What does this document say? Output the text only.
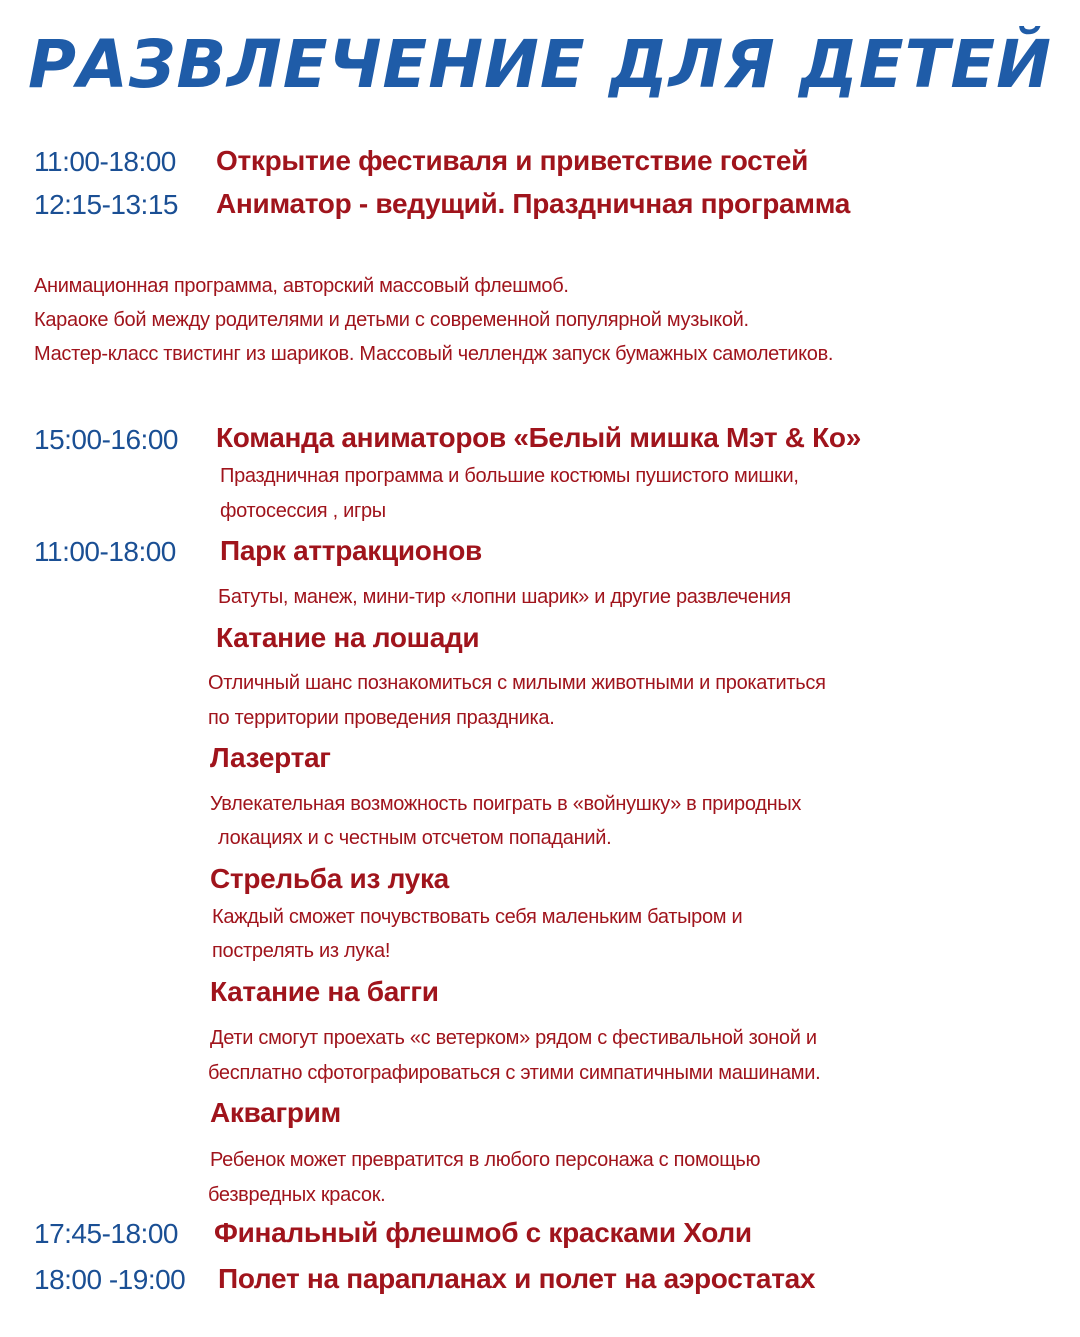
РАЗВЛЕЧЕНИЕ ДЛЯ ДЕТЕЙ
11:00-18:00 Открытие фестиваля и приветствие гостей
12:15-13:15 Аниматор - ведущий. Праздничная программа
Анимационная программа, авторский массовый флешмоб.
Караоке бой между родителями и детьми с современной популярной музыкой.
Мастер-класс твистинг из шариков. Массовый челлендж запуск бумажных самолетиков.
15:00-16:00 Команда аниматоров «Белый мишка Мэт & Ко»
Праздничная программа и большие костюмы пушистого мишки,
фотосессия , игры
11:00-18:00 Парк аттракционов
Батуты, манеж, мини-тир «лопни шарик» и другие развлечения
Катание на лошади
Отличный шанс познакомиться с милыми животными и прокатиться
по территории проведения праздника.
Лазертаг
Увлекательная возможность поиграть в «войнушку» в природных
локациях и с честным отсчетом попаданий.
Стрельба из лука
Каждый сможет почувствовать себя маленьким батыром и
пострелять из лука!
Катание на багги
Дети смогут проехать «с ветерком» рядом с фестивальной зоной и
бесплатно сфотографироваться с этими симпатичными машинами.
Аквагрим
Ребенок может превратится в любого персонажа с помощью
безвредных красок.
17:45-18:00 Финальный флешмоб с красками Холи
18:00 -19:00 Полет на парапланах и полет на аэростатах
